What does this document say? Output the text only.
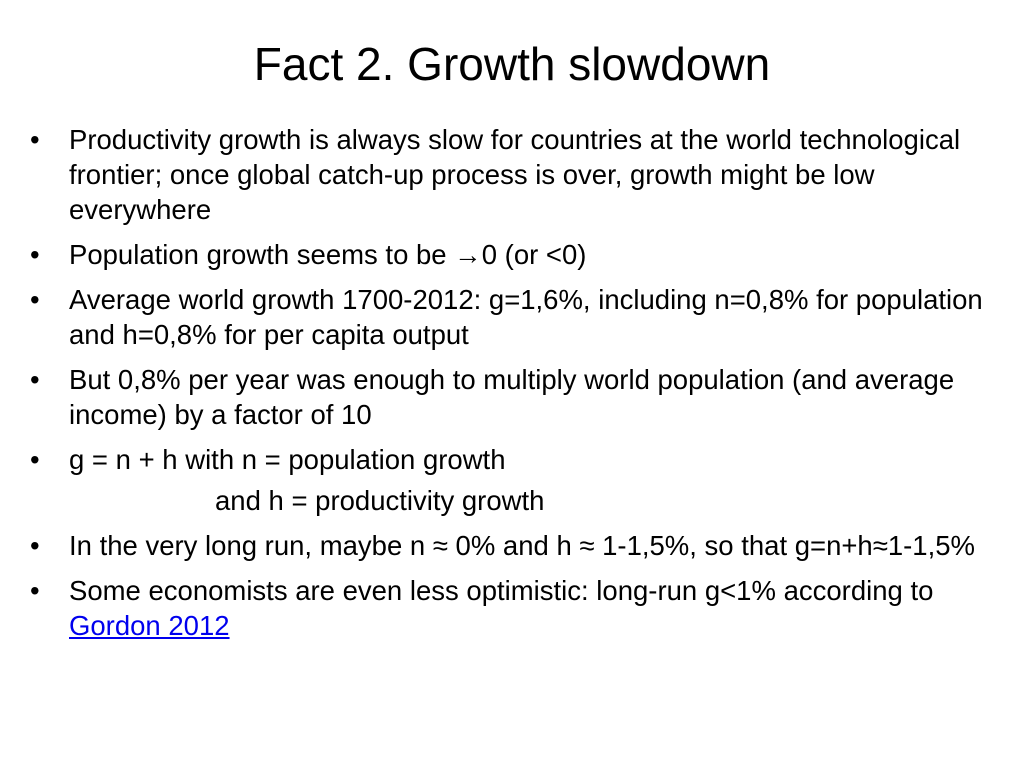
Fact 2. Growth slowdown
•	Productivity growth is always slow for countries at the world technological frontier; once global catch-up process is over, growth might be low everywhere
•	Population growth seems to be →0 (or <0)
•	Average world growth 1700-2012: g=1,6%, including n=0,8% for population and h=0,8% for per capita output
•	But 0,8% per year was enough to multiply world population (and average income) by a factor of 10
•	g = n + h with n = population growth
and h = productivity growth
•	In the very long run, maybe n ≈ 0% and h ≈ 1-1,5%, so that g=n+h≈1-1,5%
•	Some economists are even less optimistic: long-run g<1% according to Gordon 2012
